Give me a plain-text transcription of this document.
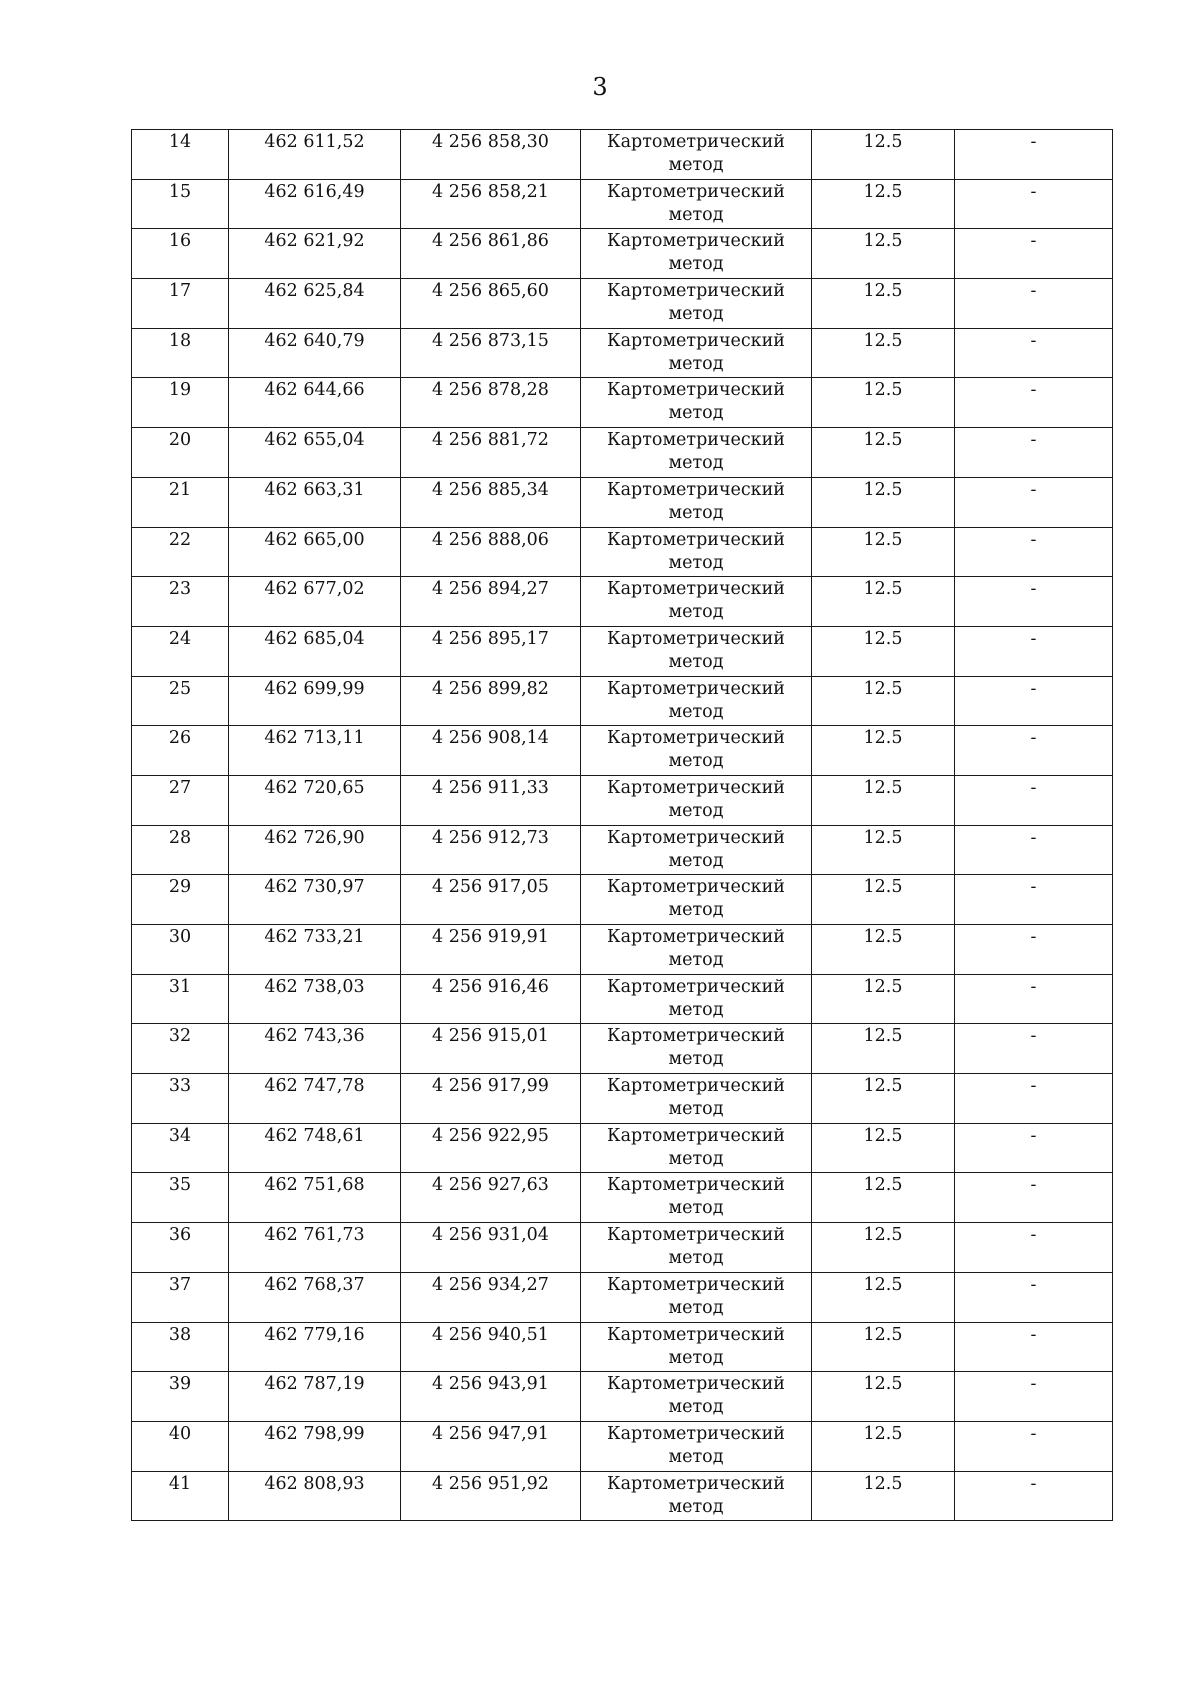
3
14	462 611,52	4 256 858,30	Картометрический метод	12.5	-

15	462 616,49	4 256 858,21	Картометрический метод	12.5	-

16	462 621,92	4 256 861,86	Картометрический метод	12.5	-

17	462 625,84	4 256 865,60	Картометрический метод	12.5	-

18	462 640,79	4 256 873,15	Картометрический метод	12.5	-

19	462 644,66	4 256 878,28	Картометрический метод	12.5	-

20	462 655,04	4 256 881,72	Картометрический метод	12.5	-

21	462 663,31	4 256 885,34	Картометрический метод	12.5	-

22	462 665,00	4 256 888,06	Картометрический метод	12.5	-

23	462 677,02	4 256 894,27	Картометрический метод	12.5	-

24	462 685,04	4 256 895,17	Картометрический метод	12.5	-

25	462 699,99	4 256 899,82	Картометрический метод	12.5	-

26	462 713,11	4 256 908,14	Картометрический метод	12.5	-

27	462 720,65	4 256 911,33	Картометрический метод	12.5	-

28	462 726,90	4 256 912,73	Картометрический метод	12.5	-

29	462 730,97	4 256 917,05	Картометрический метод	12.5	-

30	462 733,21	4 256 919,91	Картометрический метод	12.5	-

31	462 738,03	4 256 916,46	Картометрический метод	12.5	-

32	462 743,36	4 256 915,01	Картометрический метод	12.5	-

33	462 747,78	4 256 917,99	Картометрический метод	12.5	-

34	462 748,61	4 256 922,95	Картометрический метод	12.5	-

35	462 751,68	4 256 927,63	Картометрический метод	12.5	-

36	462 761,73	4 256 931,04	Картометрический метод	12.5	-

37	462 768,37	4 256 934,27	Картометрический метод	12.5	-

38	462 779,16	4 256 940,51	Картометрический метод	12.5	-

39	462 787,19	4 256 943,91	Картометрический метод	12.5	-

40	462 798,99	4 256 947,91	Картометрический метод	12.5	-

41	462 808,93	4 256 951,92	Картометрический метод	12.5	-
